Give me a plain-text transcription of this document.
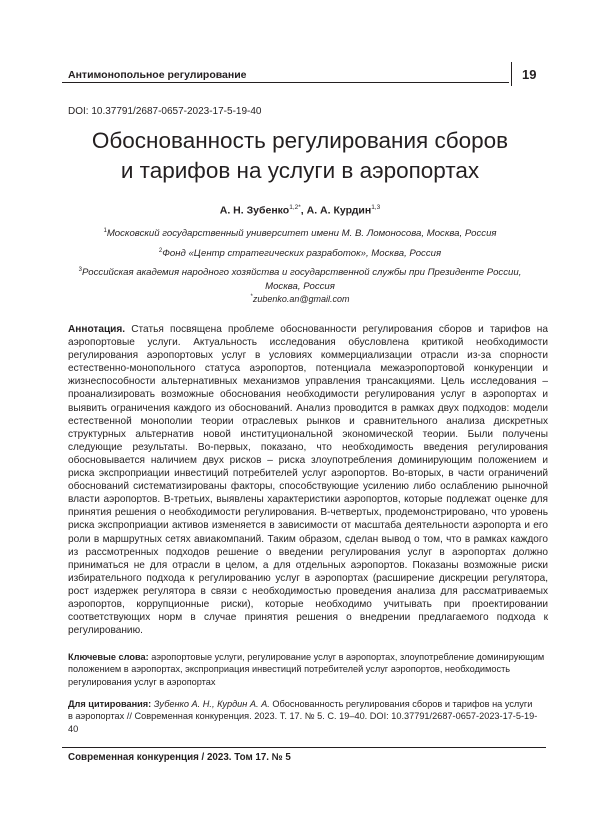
Антимонопольное регулирование	19
DOI: 10.37791/2687-0657-2023-17-5-19-40
Обоснованность регулирования сборов
и тарифов на услуги в аэропортах
А. Н. Зубенко$^{1,2*}$, А. А. Курдин$^{1,3}$
$^1$Московский государственный университет имени М. В. Ломоносова, Москва, Россия
$^2$Фонд «Центр стратегических разработок», Москва, Россия
$^3$Российская академия народного хозяйства и государственной службы при Президенте России,
Москва, Россия
*zubenko.an@gmail.com

Аннотация. Статья посвящена проблеме обоснованности регулирования сборов и тарифов на аэропортовые услуги. Актуальность исследования обусловлена критикой необходимости регулирования аэропортовых услуг в условиях коммерциализации отрасли из-за спорности естественно-монопольного статуса аэропортов, потенциала межаэропортовой конкуренции и жизнеспособности альтернативных механизмов управления трансакциями. Цель исследования – проанализировать возможные обоснования необходимости регулирования услуг в аэропортах и выявить ограничения каждого из обоснований. Анализ проводится в рамках двух подходов: модели естественной монополии теории отраслевых рынков и сравнительного анализа дискретных структурных альтернатив новой институциональной экономической теории. Были получены следующие результаты. Во-первых, показано, что необходимость введения регулирования обосновывается наличием двух рисков – риска злоупотребления доминирующим положением и риска экспроприации инвестиций потребителей услуг аэропортов. Во-вторых, в части ограничений обоснований систематизированы факторы, способствующие усилению либо ослаблению рыночной власти аэропортов. В-третьих, выявлены характеристики аэропортов, которые подлежат оценке для принятия решения о необходимости регулирования. В-четвертых, продемонстрировано, что уровень риска экспроприации активов изменяется в зависимости от масштаба деятельности аэропорта и его роли в маршрутных сетях авиакомпаний. Таким образом, сделан вывод о том, что в рамках каждого из рассмотренных подходов решение о введении регулирования услуг в аэропортах должно приниматься не для отрасли в целом, а для отдельных аэропортов. Показаны возможные риски избирательного подхода к регулированию услуг в аэропортах (расширение дискреции регулятора, рост издержек регулятора в связи с необходимостью проведения анализа для рассматриваемых аэропортов, коррупционные риски), которые необходимо учитывать при проектировании соответствующих норм в случае принятия решения о внедрении предлагаемого подхода к регулированию.

Ключевые слова: аэропортовые услуги, регулирование услуг в аэропортах, злоупотребление доминирующим положением в аэропортах, экспроприация инвестиций потребителей услуг аэропортов, необходимость регулирования услуг в аэропортах

Для цитирования: Зубенко А. Н., Курдин А. А. Обоснованность регулирования сборов и тарифов на услуги в аэропортах // Современная конкуренция. 2023. Т. 17. № 5. С. 19–40. DOI: 10.37791/2687-0657-2023-17-5-19-40

Современная конкуренция / 2023. Том 17. № 5
